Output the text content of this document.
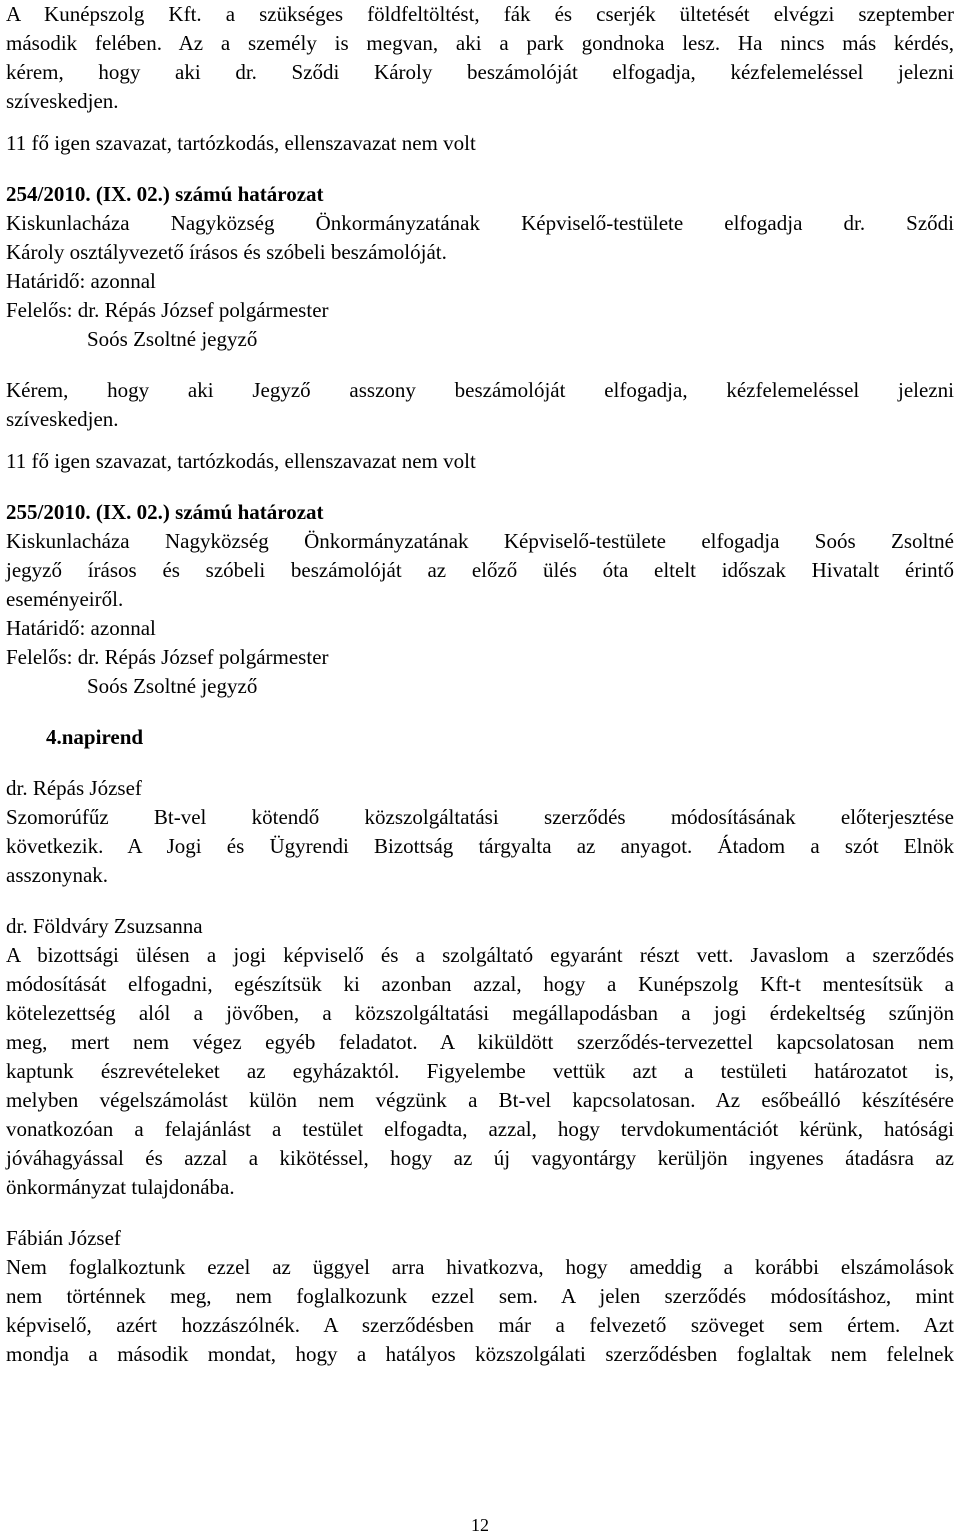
A Kunépszolg Kft. a szükséges földfeltöltést, fák és cserjék ültetését elvégzi szeptember
második felében. Az a személy is megvan, aki a park gondnoka lesz. Ha nincs más kérdés,
kérem, hogy aki dr. Sződi Károly beszámolóját elfogadja, kézfelemeléssel jelezni
szíveskedjen.

11 fő igen szavazat, tartózkodás, ellenszavazat nem volt

254/2010. (IX. 02.) számú határozat
Kiskunlacháza Nagyközség Önkormányzatának Képviselő-testülete elfogadja dr. Sződi
Károly osztályvezető írásos és szóbeli beszámolóját.
Határidő: azonnal
Felelős: dr. Répás József polgármester
Soós Zsoltné jegyző
Kérem, hogy aki Jegyző asszony beszámolóját elfogadja, kézfelemeléssel jelezni
szíveskedjen.

11 fő igen szavazat, tartózkodás, ellenszavazat nem volt

255/2010. (IX. 02.) számú határozat
Kiskunlacháza Nagyközség Önkormányzatának Képviselő-testülete elfogadja Soós Zsoltné
jegyző írásos és szóbeli beszámolóját az előző ülés óta eltelt időszak Hivatalt érintő
eseményeiről.
Határidő: azonnal
Felelős: dr. Répás József polgármester
Soós Zsoltné jegyző
4.napirend
dr. Répás József
Szomorúfűz Bt-vel kötendő közszolgáltatási szerződés módosításának előterjesztése
következik. A Jogi és Ügyrendi Bizottság tárgyalta az anyagot. Átadom a szót Elnök
asszonynak.
dr. Földváry Zsuzsanna
A bizottsági ülésen a jogi képviselő és a szolgáltató egyaránt részt vett. Javaslom a szerződés
módosítását elfogadni, egészítsük ki azonban azzal, hogy a Kunépszolg Kft-t mentesítsük a
kötelezettség alól a jövőben, a közszolgáltatási megállapodásban a jogi érdekeltség szűnjön
meg, mert nem végez egyéb feladatot. A kiküldött szerződés-tervezettel kapcsolatosan nem
kaptunk észrevételeket az egyházaktól. Figyelembe vettük azt a testületi határozatot is,
melyben végelszámolást külön nem végzünk a Bt-vel kapcsolatosan. Az esőbeálló készítésére
vonatkozóan a felajánlást a testület elfogadta, azzal, hogy tervdokumentációt kérünk, hatósági
jóváhagyással és azzal a kikötéssel, hogy az új vagyontárgy kerüljön ingyenes átadásra az
önkormányzat tulajdonába.
Fábián József
Nem foglalkoztunk ezzel az üggyel arra hivatkozva, hogy ameddig a korábbi elszámolások
nem történnek meg, nem foglalkozunk ezzel sem. A jelen szerződés módosításhoz, mint
képviselő, azért hozzászólnék. A szerződésben már a felvezető szöveget sem értem. Azt
mondja a második mondat, hogy a hatályos közszolgálati szerződésben foglaltak nem felelnek
12
